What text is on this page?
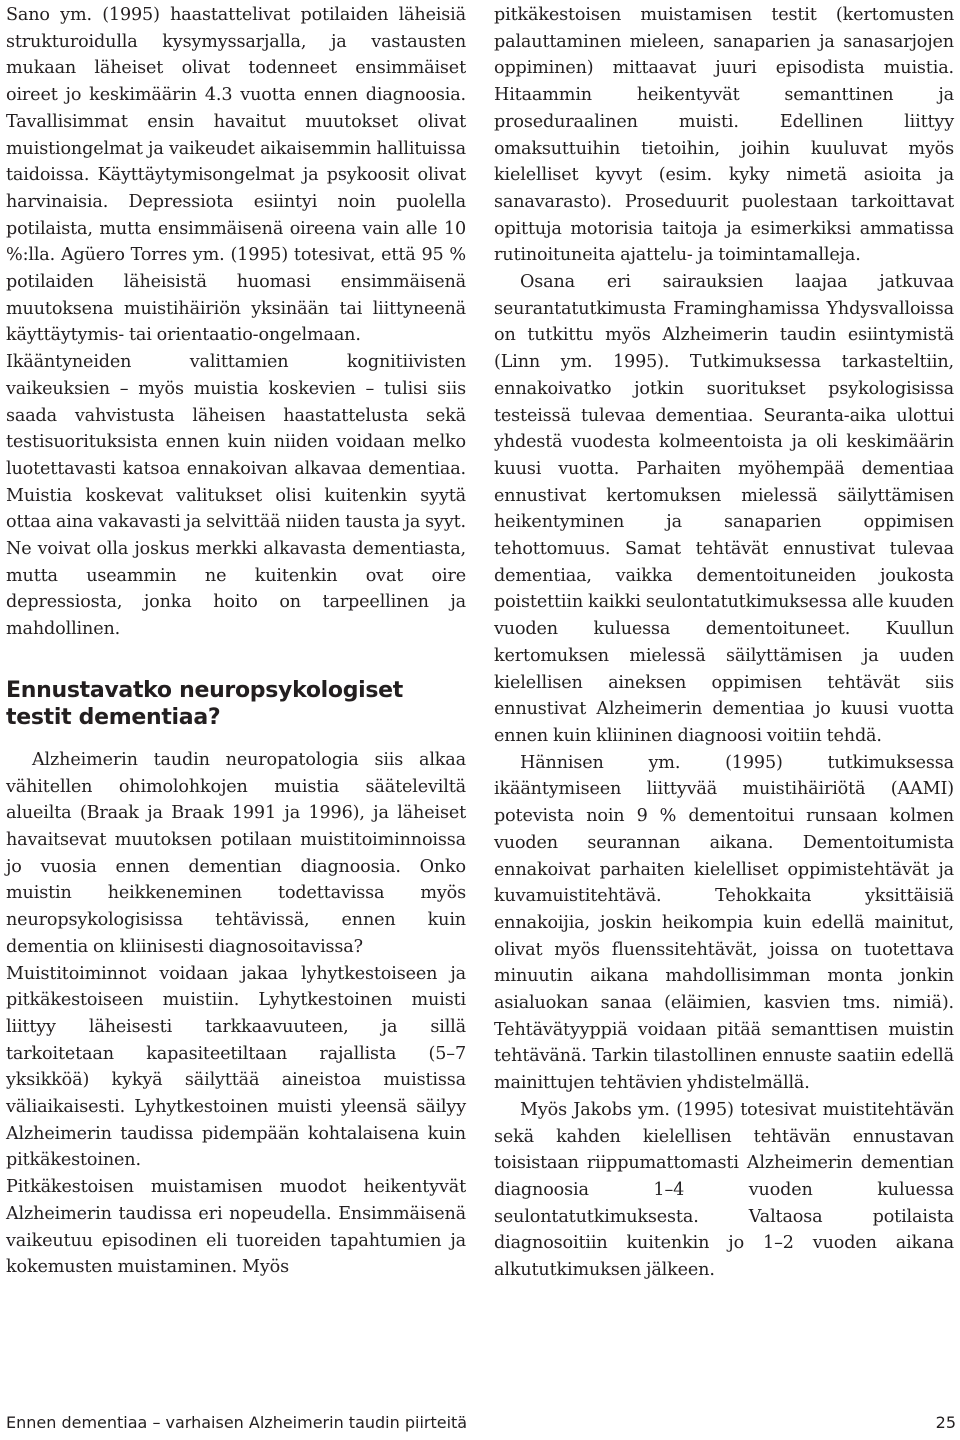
Sano ym. (1995) haastattelivat potilaiden läheisiä strukturoidulla kysymyssarjalla, ja vastausten mukaan läheiset olivat todenneet ensimmäiset oireet jo keskimäärin 4.3 vuotta ennen diagnoosia. Tavallisimmat ensin havaitut muutokset olivat muistiongelmat ja vaikeudet aikaisemmin hallituissa taidoissa. Käyttäytymisongelmat ja psykoosit olivat harvinaisia. Depressiota esiintyi noin puolella potilaista, mutta ensimmäisenä oireena vain alle 10 %:lla. Agüero Torres ym. (1995) totesivat, että 95 % potilaiden läheisistä huomasi ensimmäisenä muutoksena muistihäiriön yksinään tai liittyneenä käyttäytymis- tai orientaatio-ongelmaan.

Ikääntyneiden valittamien kognitiivisten vaikeuksien – myös muistia koskevien – tulisi siis saada vahvistusta läheisen haastattelusta sekä testisuorituksista ennen kuin niiden voidaan melko luotettavasti katsoa ennakoivan alkavaa dementiaa. Muistia koskevat valitukset olisi kuitenkin syytä ottaa aina vakavasti ja selvittää niiden tausta ja syyt. Ne voivat olla joskus merkki alkavasta dementiasta, mutta useammin ne kuitenkin ovat oire depressiosta, jonka hoito on tarpeellinen ja mahdollinen.

Ennustavatko neuropsykologiset testit dementiaa?

Alzheimerin taudin neuropatologia siis alkaa vähitellen ohimolohkojen muistia sääteleviltä alueilta (Braak ja Braak 1991 ja 1996), ja läheiset havaitsevat muutoksen potilaan muistitoiminnoissa jo vuosia ennen dementian diagnoosia. Onko muistin heikkeneminen todettavissa myös neuropsykologisissa tehtävissä, ennen kuin dementia on kliinisesti diagnosoitavissa?

Muistitoiminnot voidaan jakaa lyhytkestoiseen ja pitkäkestoiseen muistiin. Lyhytkestoinen muisti liittyy läheisesti tarkkaavuuteen, ja sillä tarkoitetaan kapasiteetiltaan rajallista (5–7 yksikköä) kykyä säilyttää aineistoa muistissa väliaikaisesti. Lyhytkestoinen muisti yleensä säilyy Alzheimerin taudissa pidempään kohtalaisena kuin pitkäkestoinen.

Pitkäkestoisen muistamisen muodot heikentyvät Alzheimerin taudissa eri nopeudella. Ensimmäisenä vaikeutuu episodinen eli tuoreiden tapahtumien ja kokemusten muistaminen. Myös

pitkäkestoisen muistamisen testit (kertomusten palauttaminen mieleen, sanaparien ja sanasarjojen oppiminen) mittaavat juuri episodista muistia. Hitaammin heikentyvät semanttinen ja proseduraalinen muisti. Edellinen liittyy omaksuttuihin tietoihin, joihin kuuluvat myös kielelliset kyvyt (esim. kyky nimetä asioita ja sanavarasto). Proseduurit puolestaan tarkoittavat opittuja motorisia taitoja ja esimerkiksi ammatissa rutinoituneita ajattelu- ja toimintamalleja.

Osana eri sairauksien laajaa jatkuvaa seurantatutkimusta Framinghamissa Yhdysvalloissa on tutkittu myös Alzheimerin taudin esiintymistä (Linn ym. 1995). Tutkimuksessa tarkasteltiin, ennakoivatko jotkin suoritukset psykologisissa testeissä tulevaa dementiaa. Seuranta-aika ulottui yhdestä vuodesta kolmeentoista ja oli keskimäärin kuusi vuotta. Parhaiten myöhempää dementiaa ennustivat kertomuksen mielessä säilyttämisen heikentyminen ja sanaparien oppimisen tehottomuus. Samat tehtävät ennustivat tulevaa dementiaa, vaikka dementoituneiden joukosta poistettiin kaikki seulontatutkimuksessa alle kuuden vuoden kuluessa dementoituneet. Kuullun kertomuksen mielessä säilyttämisen ja uuden kielellisen aineksen oppimisen tehtävät siis ennustivat Alzheimerin dementiaa jo kuusi vuotta ennen kuin kliininen diagnoosi voitiin tehdä.

Hännisen ym. (1995) tutkimuksessa ikääntymiseen liittyvää muistihäiriötä (AAMI) potevista noin 9 % dementoitui runsaan kolmen vuoden seurannan aikana. Dementoitumista ennakoivat parhaiten kielelliset oppimistehtävät ja kuvamuistitehtävä. Tehokkaita yksittäisiä ennakoijia, joskin heikompia kuin edellä mainitut, olivat myös fluenssitehtävät, joissa on tuotettava minuutin aikana mahdollisimman monta jonkin asialuokan sanaa (eläimien, kasvien tms. nimiä). Tehtävätyyppiä voidaan pitää semanttisen muistin tehtävänä. Tarkin tilastollinen ennuste saatiin edellä mainittujen tehtävien yhdistelmällä.

Myös Jakobs ym. (1995) totesivat muistitehtävän sekä kahden kielellisen tehtävän ennustavan toisistaan riippumattomasti Alzheimerin dementian diagnoosia 1–4 vuoden kuluessa seulontatutkimuksesta. Valtaosa potilaista diagnosoitiin kuitenkin jo 1–2 vuoden aikana alkututkimuksen jälkeen.

Ennen dementiaa – varhaisen Alzheimerin taudin piirteitä	25
